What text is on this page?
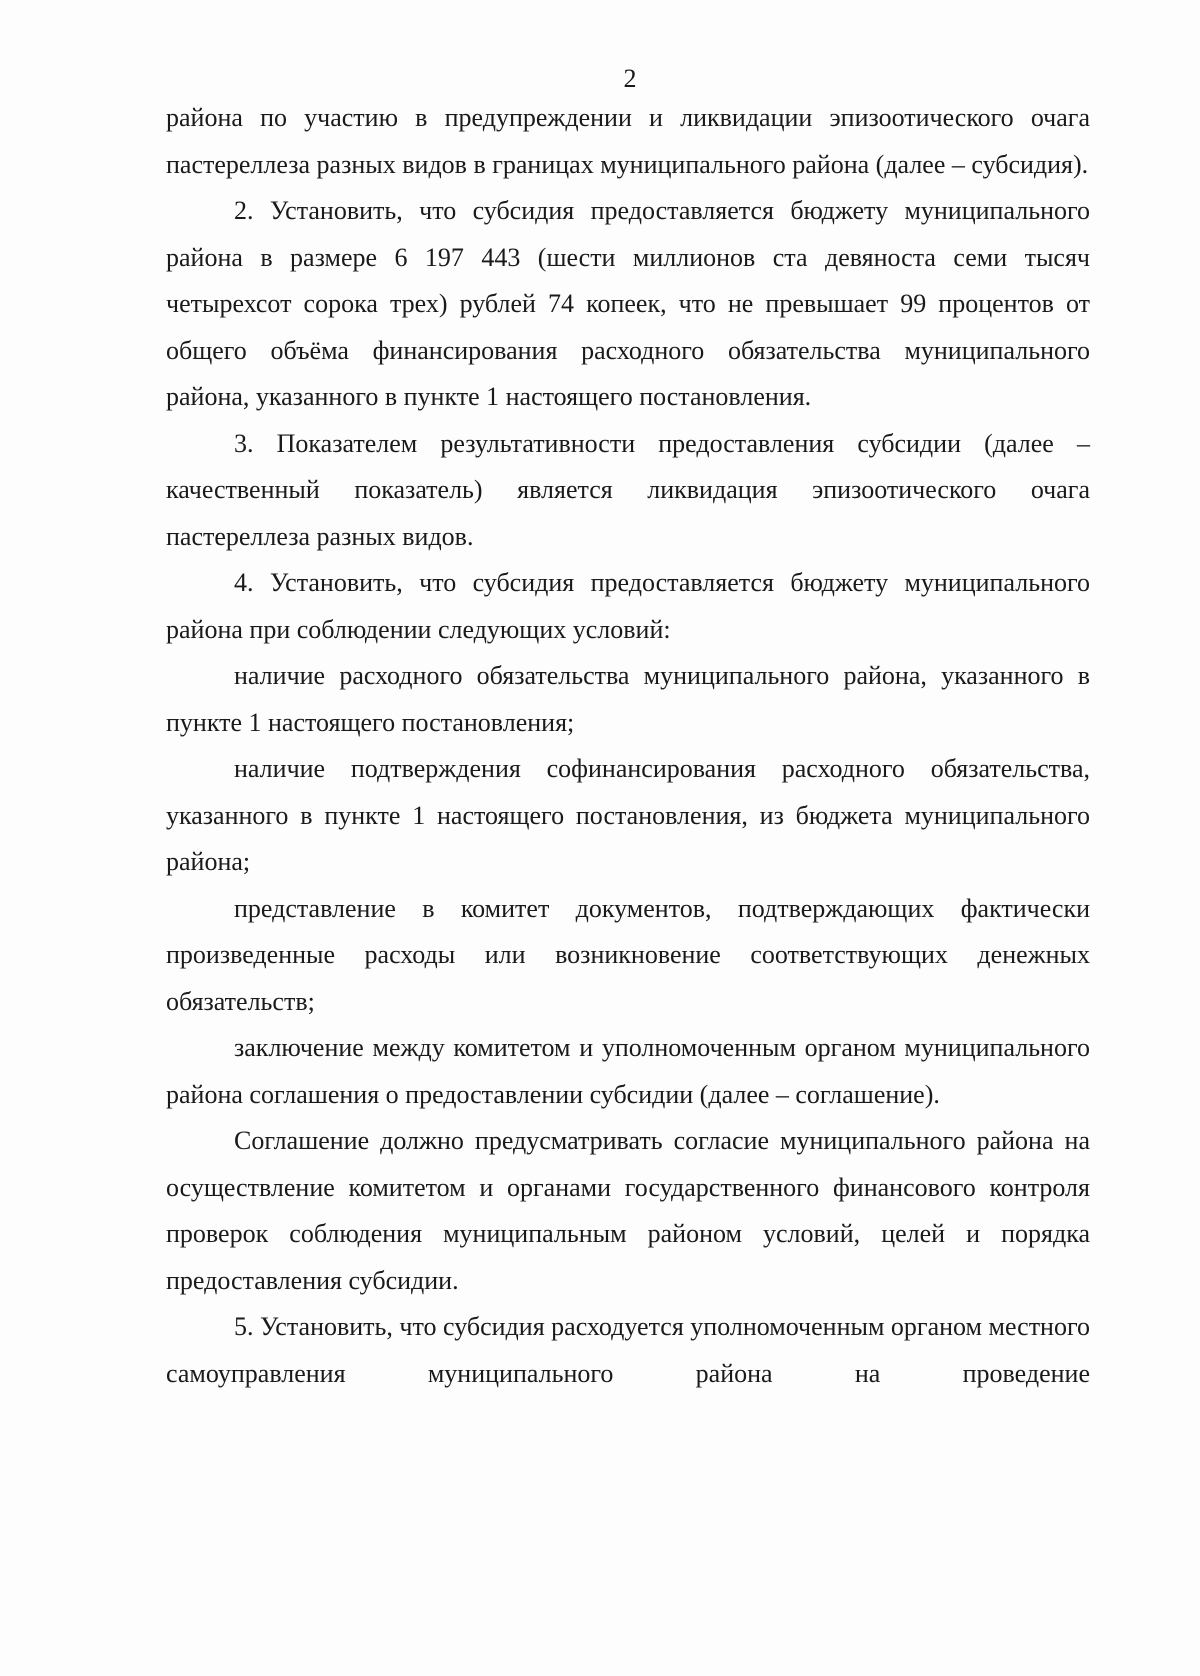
2

района по участию в предупреждении и ликвидации эпизоотического очага пастереллеза разных видов в границах муниципального района (далее – субсидия).

2. Установить, что субсидия предоставляется бюджету муниципального района в размере 6 197 443 (шести миллионов ста девяноста семи тысяч четырехсот сорока трех) рублей 74 копеек, что не превышает 99 процентов от общего объёма финансирования расходного обязательства муниципального района, указанного в пункте 1 настоящего постановления.

3. Показателем результативности предоставления субсидии (далее – качественный показатель) является ликвидация эпизоотического очага пастереллеза разных видов.

4. Установить, что субсидия предоставляется бюджету муниципального района при соблюдении следующих условий:

наличие расходного обязательства муниципального района, указанного в пункте 1 настоящего постановления;

наличие подтверждения софинансирования расходного обязательства, указанного в пункте 1 настоящего постановления, из бюджета муниципального района;

представление в комитет документов, подтверждающих фактически произведенные расходы или возникновение соответствующих денежных обязательств;

заключение между комитетом и уполномоченным органом муниципального района соглашения о предоставлении субсидии (далее – соглашение).

Соглашение должно предусматривать согласие муниципального района на осуществление комитетом и органами государственного финансового контроля проверок соблюдения муниципальным районом условий, целей и порядка предоставления субсидии.

5. Установить, что субсидия расходуется уполномоченным органом местного самоуправления муниципального района на проведение
